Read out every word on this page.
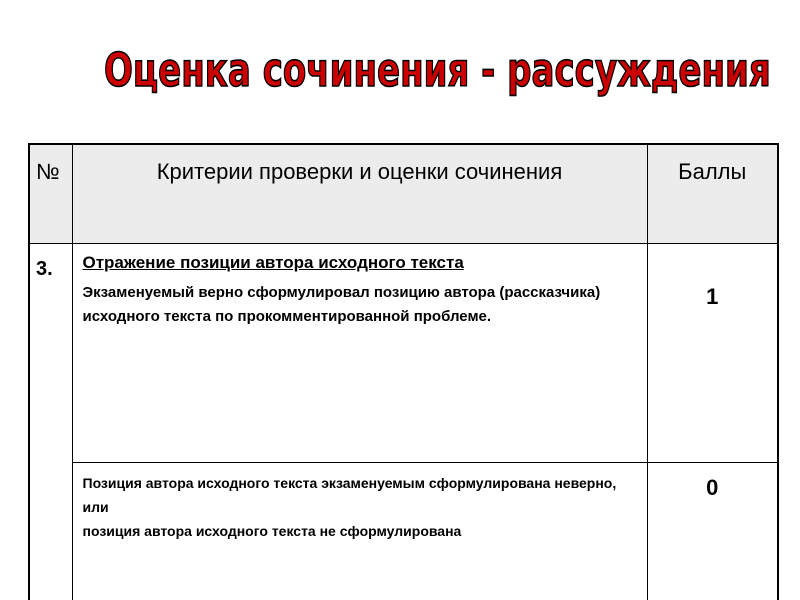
Оценка сочинения - рассуждения
№	Критерии проверки и оценки сочинения	Баллы
3.	Отражение позиции автора исходного текста
Экзаменуемый верно сформулировал позицию автора (рассказчика) исходного текста по прокомментированной проблеме.	1

	Позиция автора исходного текста экзаменуемым сформулирована неверно,
или
позиция автора исходного текста не сформулирована	0
